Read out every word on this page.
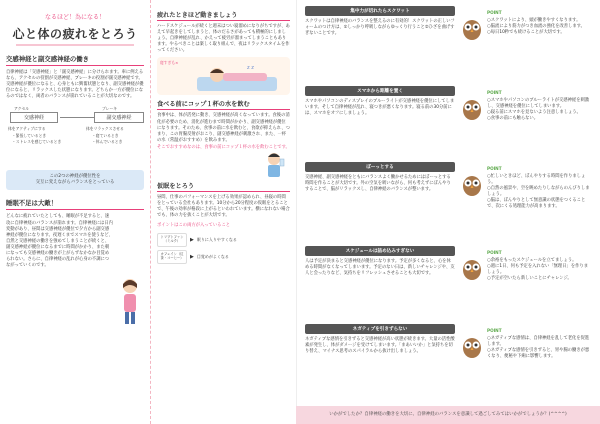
なるほど！為になる！
心と体の疲れをとろう
交感神経と副交感神経の働き
自律神経は「交感神経」と「副交感神経」に分けられます。車に例えるなら、アクセルの役割が交感神経、ブレーキの役割が副交感神経です。交感神経が優位になると、心身ともに興奮状態となり、副交感神経が優位になると、リラックスした状態になります。どちらか一方が優位になるのではなく、両者のバランスが崩れていることが大切なのです。
アクセル	ブレーキ
交感神経	副交感神経
体をアクティブにする	体をリラックスさせる
・緊張しているとき
・ストレスを感じているとき
・寝ているとき
・休んでいるとき
この2つの神経が優位性を
交互に変えながらバランスをとっている
睡眠不足は大敵！
どんなに疲れていたとしても、睡眠が不足すると、速攻に自律神経のバランスが崩れます。自律神経には日内変動があり、昼間は交感神経が優位で夕方から副交感神経が優位になります。夜遅くまでスマホを使うなど、自然と交感神経の働きを強めてしまうことが続くと、副交感神経が優位になるまでに時間がかかり、また朝になっても交感神経の働きが上がらずなかなか目覚められない。さらに、自律神経の乱れが心身の不調につながっていくのです。
疲れたときほど動きましょう
ハードスケジュールが続くと週末はつい寝溜めになりがちですが、あえて早起きをしてしまうと、体のだるさがあっても積極的にしましょう。自律神経が乱れ、かえって疲労が溜まってしまうこともあります。やるべきことは楽しく取り組んで、夜はリラックスタイムを作ってください。
寝すぎも×
z z
食べる前にコップ１杯の水を飲む
食事中は、体が活発に動き、交感神経が高くなっています。食後の消化が必要のため、消化が進むまで時間がかかり、副交感神経が優位になります。そのため、食事の前に水を飲むと、食欲が抑えられ、つまり、この胃腸反射がおこり、副交感神経が刺激され、また、一杯の水（常温がおすすめ）を飲みます。
そこでおすすめなのは、食事の前にコップ１杯の水を飲むことです。
仮眠をとろう
昼間、仕事のパフォーマンスを上げる効果が認められ、昼寝の時間をとっている会社もあります。10分から20分程度の仮眠をとることで、午後の効率が格段に上がるといわれています。横になれない場合でも、体の力を抜くことが大切です。
ポイントはこの両方が入っていること
トリプトファン（ミルク）	▶ 眠りに入りやすくなる
カフェイン（紅茶・コーヒー）	▶ 目覚めがよくなる
集中力が切れたらスクワット
スクワットは自律神経のバランスを整えるのに有効的！スクワットの正しいフォームのつけ方は、①しっかり呼吸しながらゆっくり行うこと②ひざを曲げすぎないことです。
POINT
○スクワットにより、頭が働きやすくなります。
○脳流により筋力がつき血流の強化を改善します。
○毎日10秒でも続けることが大切です。
スマホから距離を置く
スマホやパソコンのディスプレイのブルーライトが交感神経を優位にしてしまいます。そして自律神経が乱れ、寝つきが悪くなります。寝る前の30分前には、スマホをオフにしましょう。
POINT
○スマホやパソコンのブルーライトが交感神経を刺激し、交感神経を優位にしてしまいます。
○寝る前にスマホを見ないよう注意しましょう。
○食事の前にも触らない。
ぼーっとする
交感神経、副交感神経をともにバランスよく働かせるためにはぼーっとする時間を作ることが大切です。外の空気を吸いながら、何も考えずにぼんやりすることで、脳がリラックスし、自律神経のバランスが整います。
POINT
○忙しいときほど、ぼんやりする時間を作りましょう。
○自然の風景や、空を眺めたりしながらのんびりしましょう。
○脳は、ぼんやりとして無意識の状態をつくることで、次にくる処理能力が高まります。
スケジュールは詰め込みすぎない
人は予定が決まると交感神経が優位になります。予定が多くなると、心を休める時間がなくなってしまいます。予定のない日は、新しいチャレンジや、友人と会ったりなど、気持ちをリフレッシュさせることも大切です。
POINT
○余裕をもったスケジュールを立てましょう。
○週に1日、何も予定を入れない「無理日」を作りましょう。
○予定が空いたら新しいことにチャレンジ。
ネガティブを引きずらない
ネガティブな感情を引きずると交感神経が高い状態が続きます。大量の活性酸素が発生し、体がダメージを受けてしまいます。「まあいいか」と気持ちを切り替え、マイナス思考のスパイラルから抜け出しましょう。
POINT
○ネガティブな感情は、自律神経を乱して老化を促進します。
○ネガティブな感情を引きずると、胃や腸の働きが悪くなり、便秘や下痢に影響します。
いかがでしたか？自律神経の働きを大切に、自律神経のバランスを意識して過ごしてみてはいかがでしょうか？(^^^^)
